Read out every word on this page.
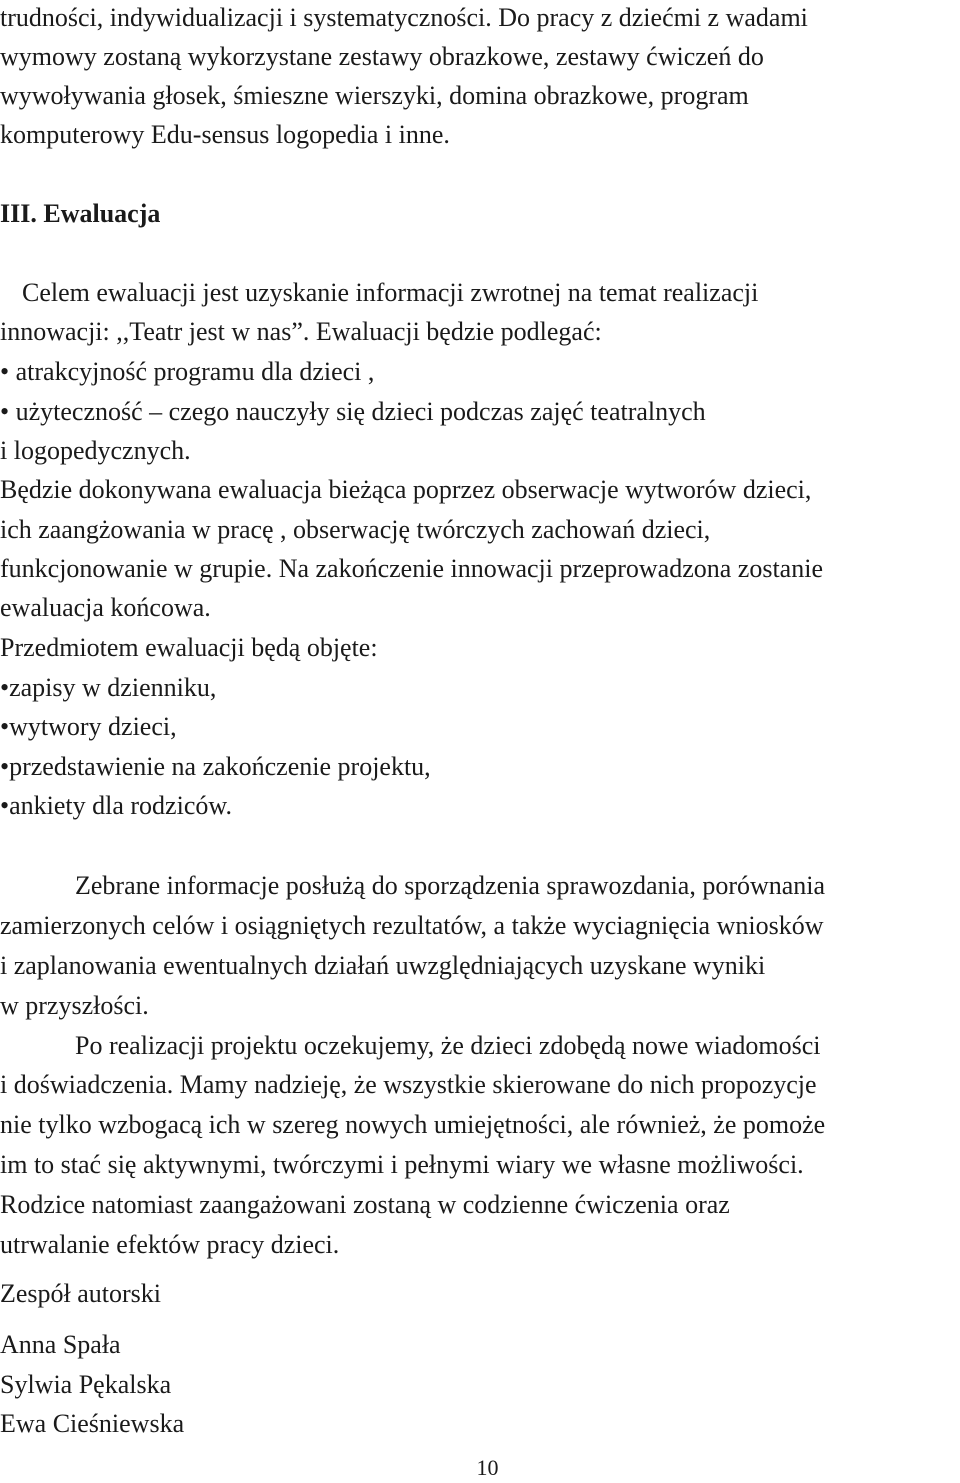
trudności, indywidualizacji i systematyczności. Do pracy z dziećmi z wadami
wymowy zostaną wykorzystane zestawy obrazkowe, zestawy ćwiczeń do
wywoływania głosek, śmieszne wierszyki, domina obrazkowe, program
komputerowy Edu-sensus logopedia i inne.
III. Ewaluacja
Celem ewaluacji jest uzyskanie informacji zwrotnej na temat realizacji
innowacji: ,,Teatr jest w nas”. Ewaluacji będzie podlegać:
• atrakcyjność programu dla dzieci ,
• użyteczność – czego nauczyły się dzieci podczas zajęć teatralnych
i logopedycznych.
Będzie dokonywana ewaluacja bieżąca poprzez obserwacje wytworów dzieci,
ich zaangżowania w pracę , obserwację twórczych zachowań dzieci,
funkcjonowanie w grupie. Na zakończenie innowacji przeprowadzona zostanie
ewaluacja końcowa.
Przedmiotem ewaluacji będą objęte:
•zapisy w dzienniku,
•wytwory dzieci,
•przedstawienie na zakończenie projektu,
•ankiety dla rodziców.
Zebrane informacje posłużą do sporządzenia sprawozdania, porównania
zamierzonych celów i osiągniętych rezultatów, a także wyciagnięcia wniosków
i zaplanowania ewentualnych działań uwzględniających uzyskane wyniki
w przyszłości.
Po realizacji projektu oczekujemy, że dzieci zdobędą nowe wiadomości
i doświadczenia. Mamy nadzieję, że wszystkie skierowane do nich propozycje
nie tylko wzbogacą ich w szereg nowych umiejętności, ale również, że pomoże
im to stać się aktywnymi, twórczymi i pełnymi wiary we własne możliwości.
Rodzice natomiast zaangażowani zostaną w codzienne ćwiczenia oraz
utrwalanie efektów pracy dzieci.
Zespół autorski
Anna Spała
Sylwia Pękalska
Ewa Cieśniewska
10
